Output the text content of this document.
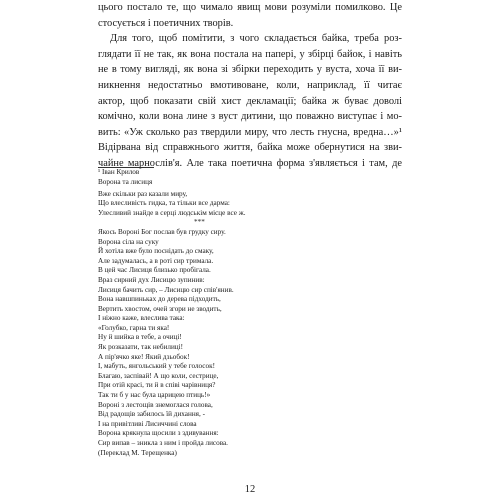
цього постало те, що чимало явищ мови розуміли помилково. Це
стосується і поетичних творів.
Для того, щоб помітити, з чого складається байка, треба роз-
глядати її не так, як вона постала на папері, у збірці байок, і навіть
не в тому вигляді, як вона зі збірки переходить у вуста, хоча її ви-
никнення недостатньо вмотивоване, коли, наприклад, її читає
актор, щоб показати свій хист декламації; байка ж буває доволі
комічно, коли вона лине з вуст дитини, що поважно виступає і мо-
вить: «Уж сколько раз твердили миру, что лесть гнусна, вредна…»¹
Відірвана від справжнього життя, байка може обернутися на зви-
чайне марнослів'я. Але така поетична форма з'являється і там, де
¹ Іван Крилов
Ворона та лисиця
Вже скільки раз казали миру,
Що влесливість гидка, та тільки все дарма:
Улесливий знайде в серці людськім місце все ж.
***
Якось Вороні Бог послав був грудку сиру.
Ворона сіла на суку
Й хотіла вже було поснідать до смаку,
Але задумалась, а в роті сир тримала.
В цей час Лисиця близько пробігала.
Враз сирний дух Лисицю зупинив:
Лисиця бачить сир, – Лисицю сир спів'янив.
Вона навшпиньках до дерева підходить,
Вертить хвостом, очей згори не зводить,
І ніжно каже, влеслива така:
«Голубко, гарна ти яка!
Ну й шийка в тебе, а очиці!
Як розказати, так небилиці!
А пір'ячко яке! Який дзьобок!
І, мабуть, янгольський у тебе голосок!
Благаю, заспівай! А що коли, сестрице,
При отій красі, ти й в співі чарівниця?
Так ти б у нас була царицею птиць!»
Вороні з лестощів знемоглася голова,
Від радощів забилось їй дихання, -
І на привітливі Лисиччині слова
Ворона крякнула щосили з здивування:
Сир випав – зникла з ним і пройда лисова.
(Переклад М. Терещенка)
12
